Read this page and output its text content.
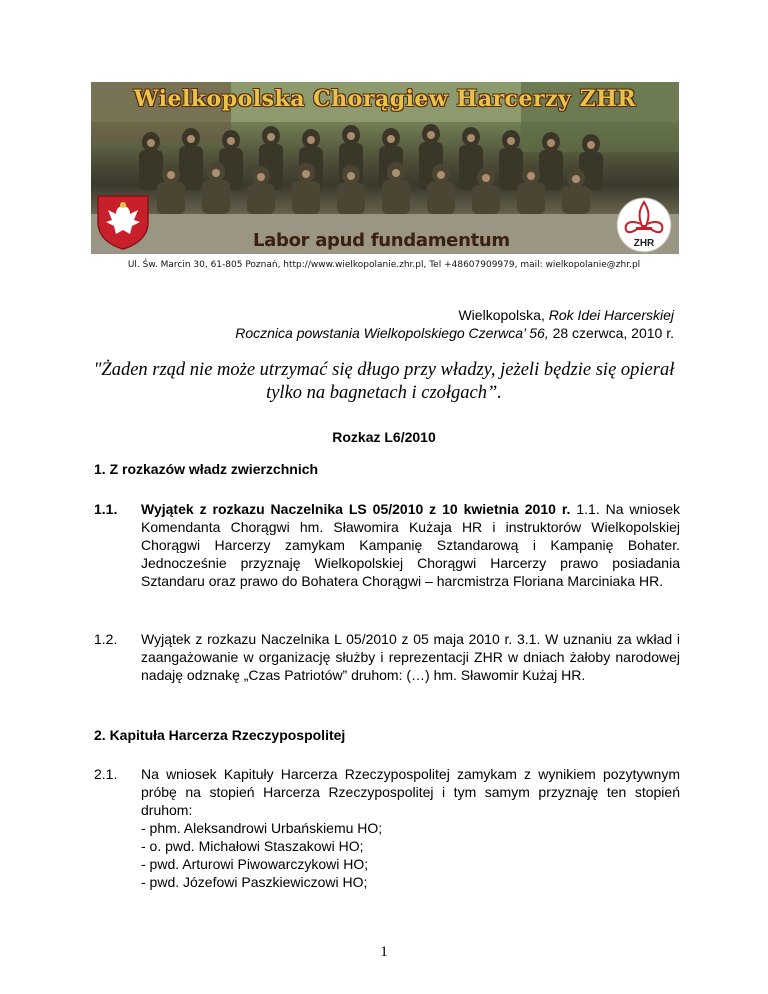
Wielkopolska Chorągiew Harcerzy ZHR
Labor apud fundamentum	ZHR
Ul. Św. Marcin 30, 61-805 Poznań, http://www.wielkopolanie.zhr.pl, Tel +48607909979, mail: wielkopolanie@zhr.pl
Wielkopolska, Rok Idei Harcerskiej
Rocznica powstania Wielkopolskiego Czerwca’ 56, 28 czerwca, 2010 r.
"Żaden rząd nie może utrzymać się długo przy władzy, jeżeli będzie się opierał
tylko na bagnetach i czołgach”.
Rozkaz L6/2010
1. Z rozkazów władz zwierzchnich
1.1. Wyjątek z rozkazu Naczelnika LS 05/2010 z 10 kwietnia 2010 r. 1.1. Na wniosek Komendanta Chorągwi hm. Sławomira Kużaja HR i instruktorów Wielkopolskiej Chorągwi Harcerzy zamykam Kampanię Sztandarową i Kampanię Bohater. Jednocześnie przyznaję Wielkopolskiej Chorągwi Harcerzy prawo posiadania Sztandaru oraz prawo do Bohatera Chorągwi – harcmistrza Floriana Marciniaka HR.
1.2. Wyjątek z rozkazu Naczelnika L 05/2010 z 05 maja 2010 r. 3.1. W uznaniu za wkład i zaangażowanie w organizację służby i reprezentacji ZHR w dniach żałoby narodowej nadaję odznakę „Czas Patriotów” druhom: (…) hm. Sławomir Kużaj HR.
2. Kapituła Harcerza Rzeczypospolitej
2.1. Na wniosek Kapituły Harcerza Rzeczypospolitej zamykam z wynikiem pozytywnym próbę na stopień Harcerza Rzeczypospolitej i tym samym przyznaję ten stopień druhom:
- phm. Aleksandrowi Urbańskiemu HO;
- o. pwd. Michałowi Staszakowi HO;
- pwd. Arturowi Piwowarczykowi HO;
- pwd. Józefowi Paszkiewiczowi HO;
1
